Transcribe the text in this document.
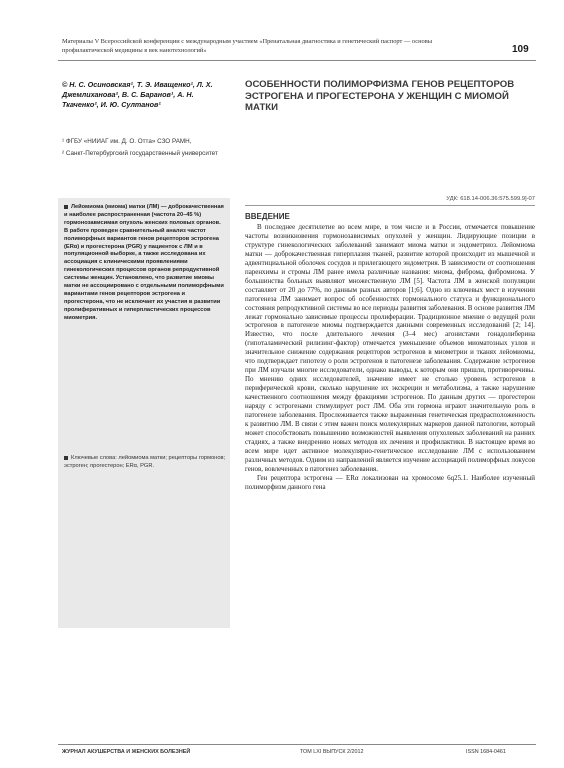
Материалы V Всероссийской конференции с международным участием «Пренатальная диагностика и генетический паспорт — основы профилактической медицины в век нанотехнологий»	109
© Н. С. Осиновская¹, Т. Э. Иващенко¹, Л. Х. Джемлиханова², В. С. Баранов¹, А. Н. Ткаченко², И. Ю. Султанов¹

¹ ФГБУ «НИИАГ им. Д. О. Отта» СЗО РАМН,

² Санкт-Петербургский государственный университет

ОСОБЕННОСТИ ПОЛИМОРФИЗМА ГЕНОВ РЕЦЕПТОРОВ ЭСТРОГЕНА И ПРОГЕСТЕРОНА У ЖЕНЩИН С МИОМОЙ МАТКИ
УДК: 618.14-006.36:575.599.9]-07
Лейомиома (миома) матки (ЛМ) — доброкачественная и наиболее распространенная (частота 20–45 %) гормонозависимая опухоль женских половых органов. В работе проведен сравнительный анализ частот полиморфных вариантов генов рецепторов эстрогена (ERα) и прогестерона (PGR) у пациенток с ЛМ и в популяционной выборке, а также исследована их ассоциация с клиническими проявлениями гинекологических процессов органов репродуктивной системы женщин. Установлено, что развитие миомы матки не ассоциировано с отдельными полиморфными вариантами генов рецепторов эстрогена и прогестерона, что не исключает их участия в развитии пролиферативных и гиперпластических процессов миометрия.
Ключевые слова: лейомиома матки; рецепторы гормонов; эстроген; прогестерон; ERα, PGR.
ВВЕДЕНИЕ

В последнее десятилетие во всем мире, в том числе и в России, отмечается повышение частоты возникновения гормонозависимых опухолей у женщин. Лидирующие позиции в структуре гинекологических заболеваний занимают миома матки и эндометриоз. Лейомиома матки — доброкачественная гиперплазия тканей, развитие которой происходит из мышечной и адвентициальной оболочек сосудов и прилегающего эндометрия. В зависимости от соотношения паренхимы и стромы ЛМ ранее имела различные названия: миома, фиброма, фибромиома. У большинства больных выявляют множественную ЛМ [5]. Частота ЛМ в женской популяции составляет от 20 до 77%, по данным разных авторов [1;6]. Одно из ключевых мест в изучении патогенеза ЛМ занимает вопрос об особенностях гормонального статуса и функционального состояния репродуктивной системы во все периоды развития заболевания. В основе развития ЛМ лежат гормонально зависимые процессы пролиферации. Традиционное мнение о ведущей роли эстрогенов в патогенезе миомы подтверждается данными современных исследований [2; 14]. Известно, что после длительного лечения (3–4 мес) агонистами гонадолиберина (гипоталамический рилизинг-фактор) отмечается уменьшение объемов миоматозных узлов и значительное снижение содержания рецепторов эстрогенов в миометрии и тканях лейомиомы, что подтверждает гипотезу о роли эстрогенов в патогенезе заболевания. Содержание эстрогенов при ЛМ изучали многие исследователи, однако выводы, к которым они пришли, противоречивы. По мнению одних исследователей, значение имеет не столько уровень эстрогенов в периферической крови, сколько нарушение их экскреции и метаболизма, а также нарушение качественного соотношения между фракциями эстрогенов. По данным других — прогестерон наряду с эстрогенами стимулирует рост ЛМ. Оба эти гормона играют значительную роль в патогенезе заболевания. Прослеживается также выраженная генетическая предрасположенность к развитию ЛМ. В связи с этим важен поиск молекулярных маркеров данной патологии, который может способствовать повышению возможностей выявления опухолевых заболеваний на ранних стадиях, а также внедрению новых методов их лечения и профилактики. В настоящее время во всем мире идет активное молекулярно-генетическое исследование ЛМ с использованием различных методов. Одним из направлений является изучение ассоциаций полиморфных локусов генов, вовлеченных в патогенез заболевания.

Ген рецептора эстрогена — ERα локализован на хромосоме 6q25.1. Наиболее изученный полиморфизм данного гена

ЖУРНАЛ АКУШЕРСТВА И ЖЕНСКИХ БОЛЕЗНЕЙ	ТОМ LXI ВЫПУСК 2/2012	ISSN 1684-0461
